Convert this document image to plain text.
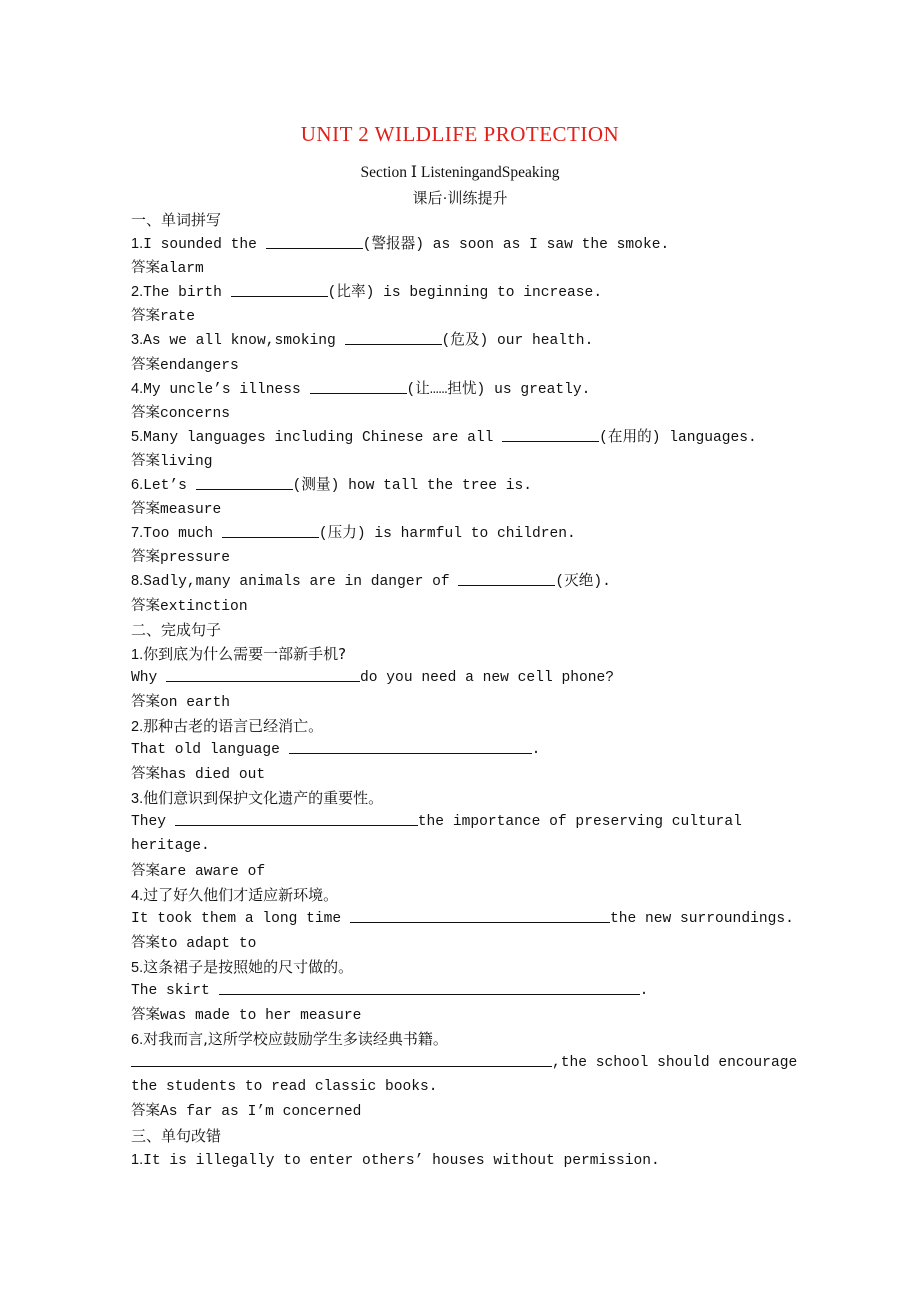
UNIT 2 WILDLIFE PROTECTION
Section Ⅰ ListeningandSpeaking
课后·训练提升
一、单词拼写
1.I sounded the	(警报器) as soon as I saw the smoke.
答案alarm
2.The birth	(比率) is beginning to increase.
答案rate
3.As we all know,smoking	(危及) our health.
答案endangers
4.My uncle’s illness	(让……担忧) us greatly.
答案concerns
5.Many languages including Chinese are all	(在用的) languages.
答案living
6.Let’s	(测量) how tall the tree is.
答案measure
7.Too much	(压力) is harmful to children.
答案pressure
8.Sadly,many animals are in danger of	(灭绝).
答案extinction
二、完成句子
1.你到底为什么需要一部新手机?
Why	do you need a new cell phone?
答案on earth
2.那种古老的语言已经消亡。
That old language	.
答案has died out
3.他们意识到保护文化遗产的重要性。
They	the importance of preserving cultural
heritage.
答案are aware of
4.过了好久他们才适应新环境。
It took them a long time	the new surroundings.
答案to adapt to
5.这条裙子是按照她的尺寸做的。
The skirt	.
答案was made to her measure
6.对我而言,这所学校应鼓励学生多读经典书籍。
,the school should encourage
the students to read classic books.
答案As far as I’m concerned
三、单句改错
1.It is illegally to enter others’ houses without permission.
